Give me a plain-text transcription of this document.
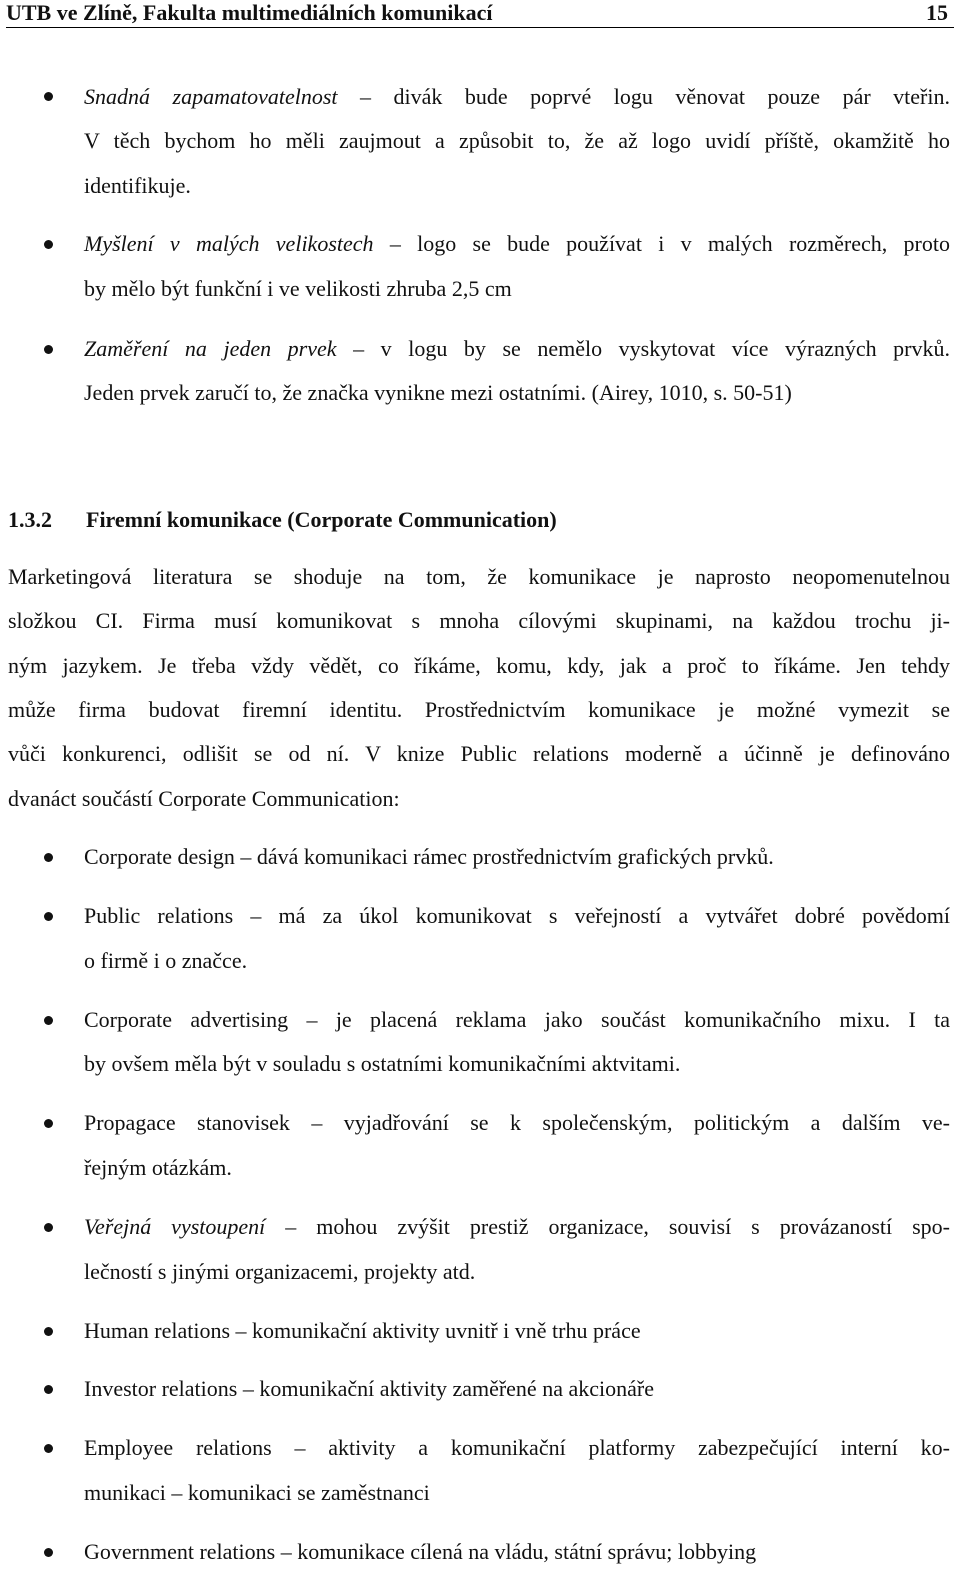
UTB ve Zlíně, Fakulta multimediálních komunikací	15
Snadná zapamatovatelnost – divák bude poprvé logu věnovat pouze pár vteřin.
V těch bychom ho měli zaujmout a způsobit to, že až logo uvidí příště, okamžitě ho
identifikuje.
Myšlení v malých velikostech – logo se bude používat i v malých rozměrech, proto
by mělo být funkční i ve velikosti zhruba 2,5 cm
Zaměření na jeden prvek – v logu by se nemělo vyskytovat více výrazných prvků.
Jeden prvek zaručí to, že značka vynikne mezi ostatními. (Airey, 1010, s. 50-51)
1.3.2 Firemní komunikace (Corporate Communication)
Marketingová literatura se shoduje na tom, že komunikace je naprosto neopomenutelnou
složkou CI. Firma musí komunikovat s mnoha cílovými skupinami, na každou trochu ji-
ným jazykem. Je třeba vždy vědět, co říkáme, komu, kdy, jak a proč to říkáme. Jen tehdy
může firma budovat firemní identitu. Prostřednictvím komunikace je možné vymezit se
vůči konkurenci, odlišit se od ní. V knize Public relations moderně a účinně je definováno
dvanáct součástí Corporate Communication:
Corporate design – dává komunikaci rámec prostřednictvím grafických prvků.
Public relations – má za úkol komunikovat s veřejností a vytvářet dobré povědomí
o firmě i o značce.
Corporate advertising – je placená reklama jako součást komunikačního mixu. I ta
by ovšem měla být v souladu s ostatními komunikačními aktvitami.
Propagace stanovisek – vyjadřování se k společenským, politickým a dalším ve-
řejným otázkám.
Veřejná vystoupení – mohou zvýšit prestiž organizace, souvisí s provázaností spo-
lečností s jinými organizacemi, projekty atd.
Human relations – komunikační aktivity uvnitř i vně trhu práce
Investor relations – komunikační aktivity zaměřené na akcionáře
Employee relations – aktivity a komunikační platformy zabezpečující interní ko-
munikaci – komunikaci se zaměstnanci
Government relations – komunikace cílená na vládu, státní správu; lobbying
